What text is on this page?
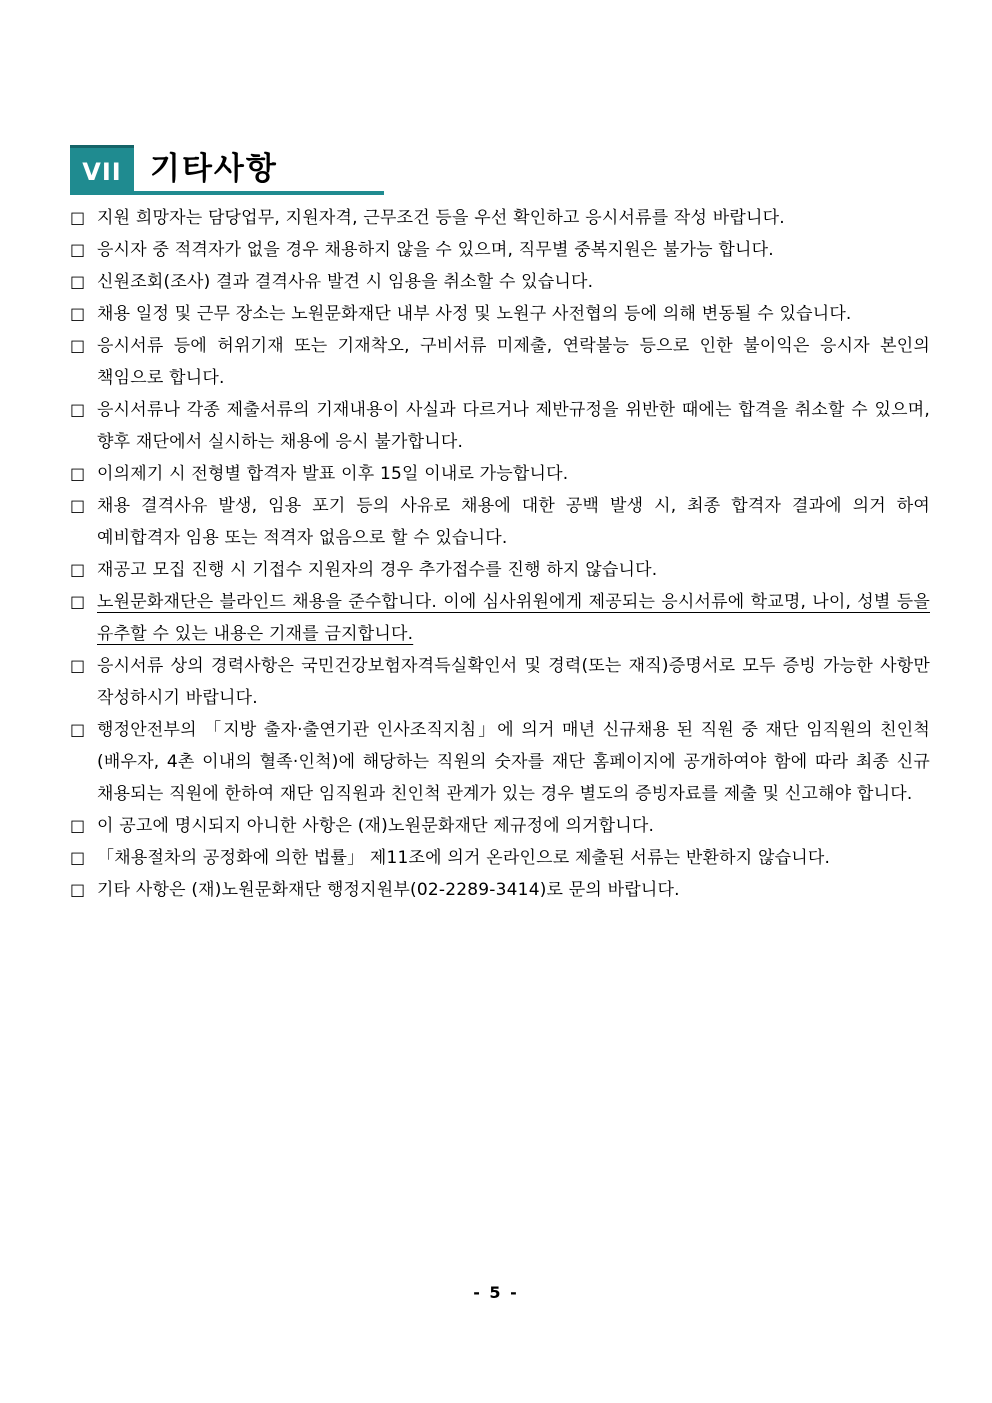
VII 기타사항
□ 지원 희망자는 담당업무, 지원자격, 근무조건 등을 우선 확인하고 응시서류를 작성 바랍니다.
□ 응시자 중 적격자가 없을 경우 채용하지 않을 수 있으며, 직무별 중복지원은 불가능 합니다.
□ 신원조회(조사) 결과 결격사유 발견 시 임용을 취소할 수 있습니다.
□ 채용 일정 및 근무 장소는 노원문화재단 내부 사정 및 노원구 사전협의 등에 의해 변동될 수 있습니다.
□ 응시서류 등에 허위기재 또는 기재착오, 구비서류 미제출, 연락불능 등으로 인한 불이익은 응시자 본인의 책임으로 합니다.
□ 응시서류나 각종 제출서류의 기재내용이 사실과 다르거나 제반규정을 위반한 때에는 합격을 취소할 수 있으며, 향후 재단에서 실시하는 채용에 응시 불가합니다.
□ 이의제기 시 전형별 합격자 발표 이후 15일 이내로 가능합니다.
□ 채용 결격사유 발생, 임용 포기 등의 사유로 채용에 대한 공백 발생 시, 최종 합격자 결과에 의거 하여 예비합격자 임용 또는 적격자 없음으로 할 수 있습니다.
□ 재공고 모집 진행 시 기접수 지원자의 경우 추가접수를 진행 하지 않습니다.
□ 노원문화재단은 블라인드 채용을 준수합니다. 이에 심사위원에게 제공되는 응시서류에 학교명, 나이, 성별 등을 유추할 수 있는 내용은 기재를 금지합니다.
□ 응시서류 상의 경력사항은 국민건강보험자격득실확인서 및 경력(또는 재직)증명서로 모두 증빙 가능한 사항만 작성하시기 바랍니다.
□ 행정안전부의 「지방 출자·출연기관 인사조직지침」에 의거 매년 신규채용 된 직원 중 재단 임직원의 친인척(배우자, 4촌 이내의 혈족·인척)에 해당하는 직원의 숫자를 재단 홈페이지에 공개하여야 함에 따라 최종 신규 채용되는 직원에 한하여 재단 임직원과 친인척 관계가 있는 경우 별도의 증빙자료를 제출 및 신고해야 합니다.
□ 이 공고에 명시되지 아니한 사항은 (재)노원문화재단 제규정에 의거합니다.
□ 「채용절차의 공정화에 의한 법률」 제11조에 의거 온라인으로 제출된 서류는 반환하지 않습니다.
□ 기타 사항은 (재)노원문화재단 행정지원부(02-2289-3414)로 문의 바랍니다.
- 5 -
